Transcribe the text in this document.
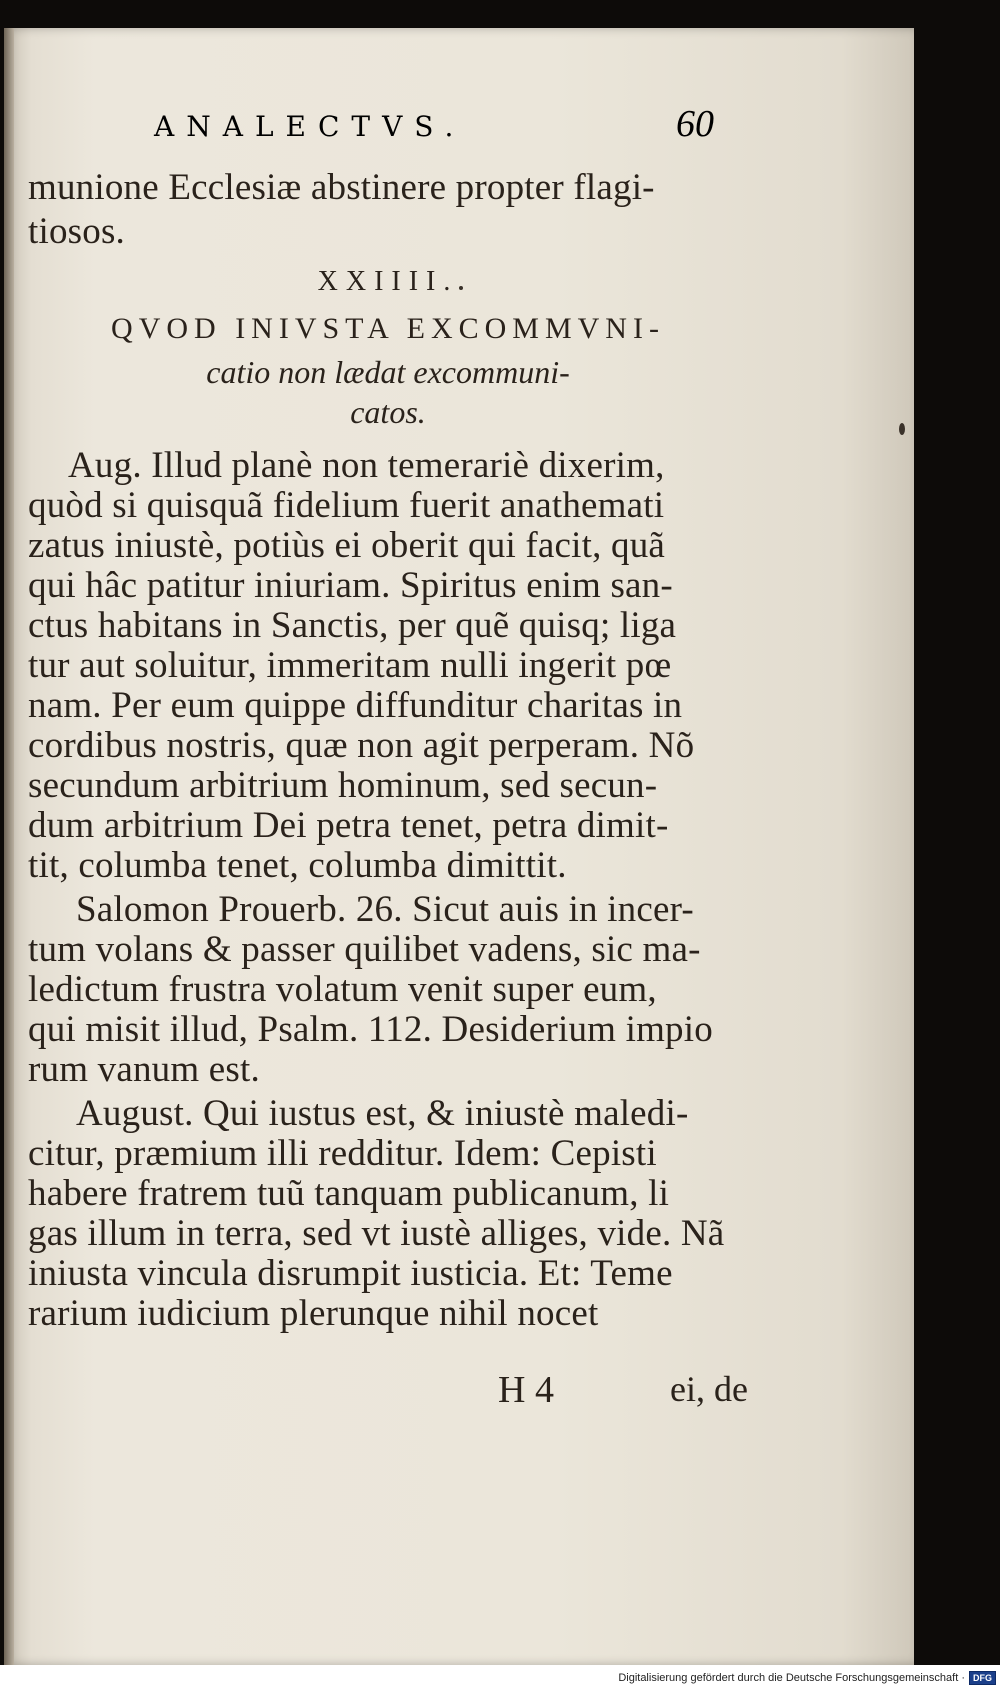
ANALECTVS.	60
munione Ecclesiæ abstinere propter flagi-
tiosos.
XXIIII.
QVOD INIVSTA EXCOMMVNI-
catio non lædat excommuni-
catos.
Aug. Illud planè non temerariè dixerim,
quòd si quisquã fidelium fuerit anathemati
zatus iniustè, potiùs ei oberit qui facit, quã
qui hâc patitur iniuriam. Spiritus enim san-
ctus habitans in Sanctis, per quẽ quisq; liga
tur aut soluitur, immeritam nulli ingerit pœ
nam. Per eum quippe diffunditur charitas in
cordibus nostris, quæ non agit perperam. Nõ
secundum arbitrium hominum, sed secun-
dum arbitrium Dei petra tenet, petra dimit-
tit, columba tenet, columba dimittit.
Salomon Prouerb. 26. Sicut auis in incer-
tum volans & passer quilibet vadens, sic ma-
ledictum frustra volatum venit super eum,
qui misit illud, Psalm. 112. Desiderium impio
rum vanum est.
August. Qui iustus est, & iniustè maledi-
citur, præmium illi redditur. Idem: Cepisti
habere fratrem tuũ tanquam publicanum, li
gas illum in terra, sed vt iustè alliges, vide. Nã
iniusta vincula disrumpit iusticia. Et: Teme
rarium iudicium plerunque nihil nocet
H 4	ei, de
Digitalisierung gefördert durch die Deutsche Forschungsgemeinschaft · DFG
